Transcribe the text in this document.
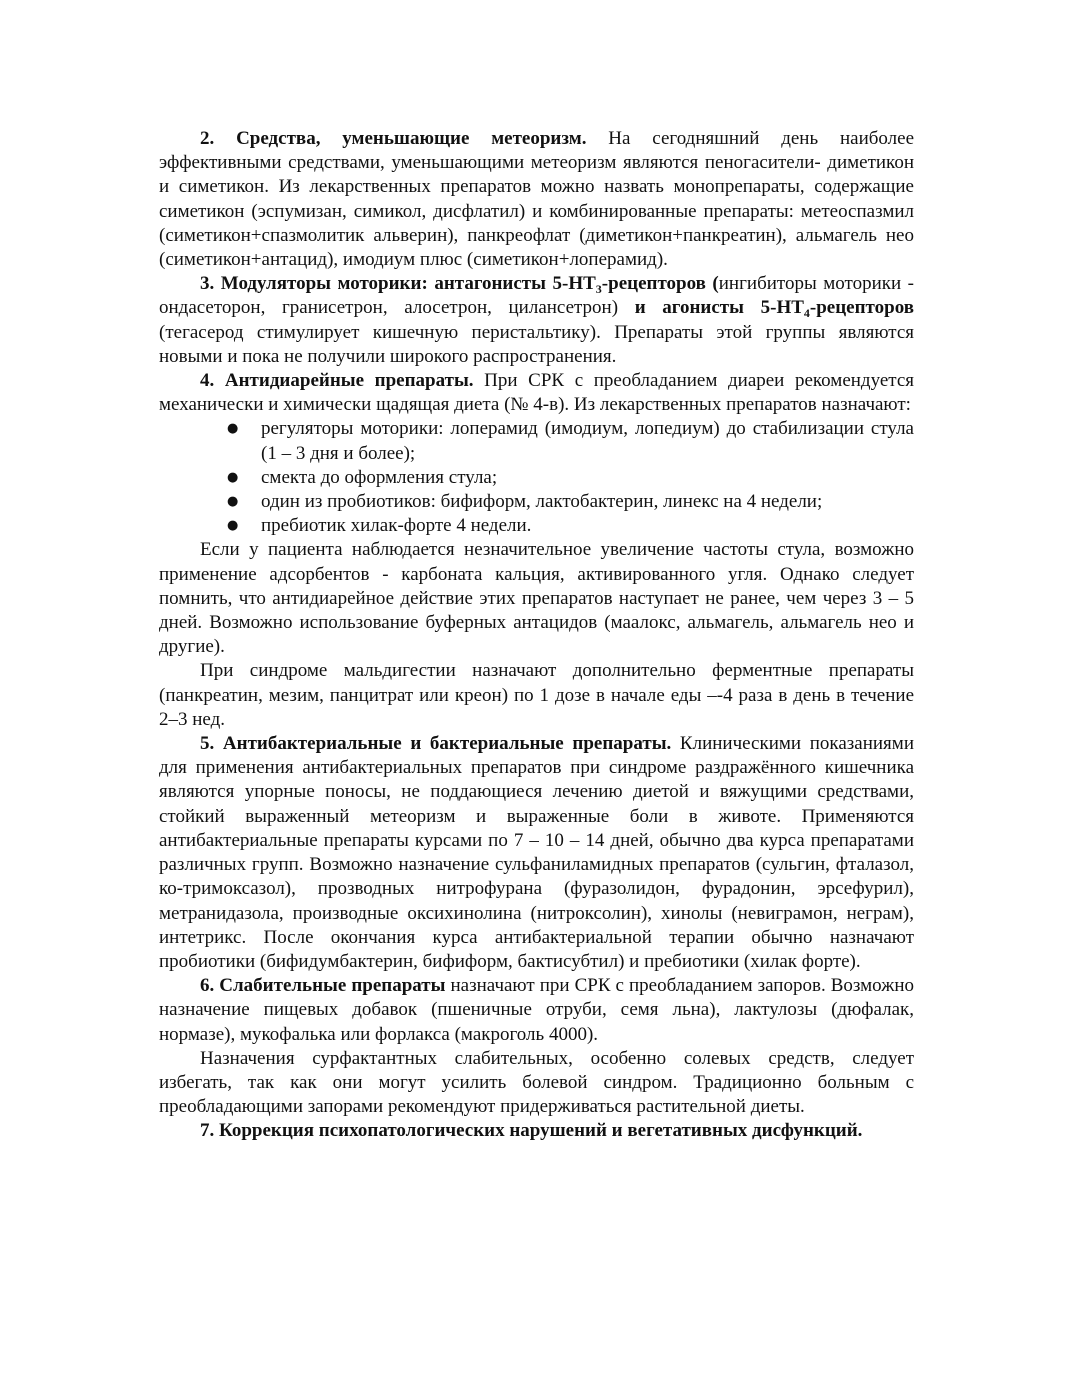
2. Средства, уменьшающие метеоризм. На сегодняшний день наиболее эффективными средствами, уменьшающими метеоризм являются пеногасители- диметикон и симетикон. Из лекарственных препаратов можно назвать монопрепараты, содержащие симетикон (эспумизан, симикол, дисфлатил) и комбинированные препараты: метеоспазмил (симетикон+спазмолитик альверин), панкреофлат (диметикон+панкреатин), альмагель нео (симетикон+антацид), имодиум плюс (симетикон+лоперамид).

3. Модуляторы моторики: антагонисты $5-НТ_3$-рецепторов (ингибиторы моторики - ондасеторон, гранисетрон, алосетрон, цилансетрон) и агонисты $5-НТ_4$-рецепторов (тегасерод стимулирует кишечную перистальтику). Препараты этой группы являются новыми и пока не получили широкого распространения.

4. Антидиарейные препараты. При СРК с преобладанием диареи рекомендуется механически и химически щадящая диета (№ 4-в). Из лекарственных препаратов назначают:

●	регуляторы моторики: лоперамид (имодиум, лопедиум) до стабилизации стула (1 – 3 дня и более);
●	смекта до оформления стула;
●	один из пробиотиков: бифиформ, лактобактерин, линекс на 4 недели;
●	пребиотик хилак-форте 4 недели.

Если у пациента наблюдается незначительное увеличение частоты стула, возможно применение адсорбентов - карбоната кальция, активированного угля. Однако следует помнить, что антидиарейное действие этих препаратов наступает не ранее, чем через 3 – 5 дней. Возможно использование буферных антацидов (маалокс, альмагель, альмагель нео и другие).

При синдроме мальдигестии назначают дополнительно ферментные препараты (панкреатин, мезим, панцитрат или креон) по 1 дозе в начале еды –-4 раза в день в течение 2–3 нед.

5. Антибактериальные и бактериальные препараты. Клиническими показаниями для применения антибактериальных препаратов при синдроме раздражённого кишечника являются упорные поносы, не поддающиеся лечению диетой и вяжущими средствами, стойкий выраженный метеоризм и выраженные боли в животе. Применяются антибактериальные препараты курсами по 7 – 10 – 14 дней, обычно два курса препаратами различных групп. Возможно назначение сульфаниламидных препаратов (сульгин, фталазол, ко-тримоксазол), прозводных нитрофурана (фуразолидон, фурадонин, эрсефурил), метранидазола, производные оксихинолина (нитроксолин), хинолы (невиграмон, неграм), интетрикс. После окончания курса антибактериальной терапии обычно назначают пробиотики (бифидумбактерин, бифиформ, бактисубтил) и пребиотики (хилак форте).

6. Слабительные препараты назначают при СРК с преобладанием запоров. Возможно назначение пищевых добавок (пшеничные отруби, семя льна), лактулозы (дюфалак, нормазе), мукофалька или форлакса (макроголь 4000).

Назначения сурфактантных слабительных, особенно солевых средств, следует избегать, так как они могут усилить болевой синдром. Традиционно больным с преобладающими запорами рекомендуют придерживаться растительной диеты.

7. Коррекция психопатологических нарушений и вегетативных дисфункций.
